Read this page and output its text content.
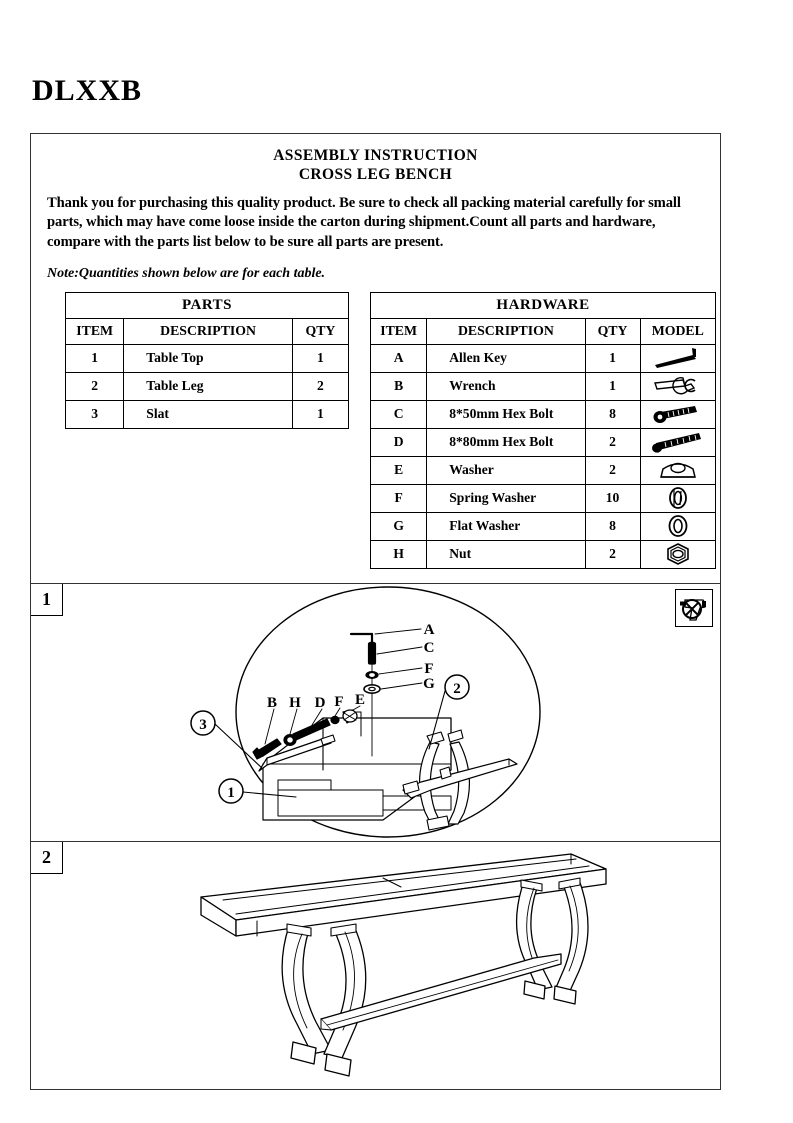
DLXXB
ASSEMBLY INSTRUCTION
CROSS LEG BENCH

Thank you for purchasing this quality product. Be sure to check all packing material carefully for small parts, which may have come loose inside the carton during shipment.Count all parts and hardware, compare with the parts list below to be sure all parts are present.

Note:Quantities shown below are for each table.

PARTS		
ITEM	DESCRIPTION	QTY
1	Table Top	1
2	Table Leg	2
3	Slat	1
HARDWARE			
ITEM	DESCRIPTION	QTY	MODEL
A	Allen Key	1	

B	Wrench	1	

C	8*50mm Hex Bolt	8	

D	8*80mm Hex Bolt	2	

E	Washer	2	

F	Spring Washer	10	

G	Flat Washer	8	

H	Nut	2	
1
B H D F E
A
C
F
G
3
1
2
2
